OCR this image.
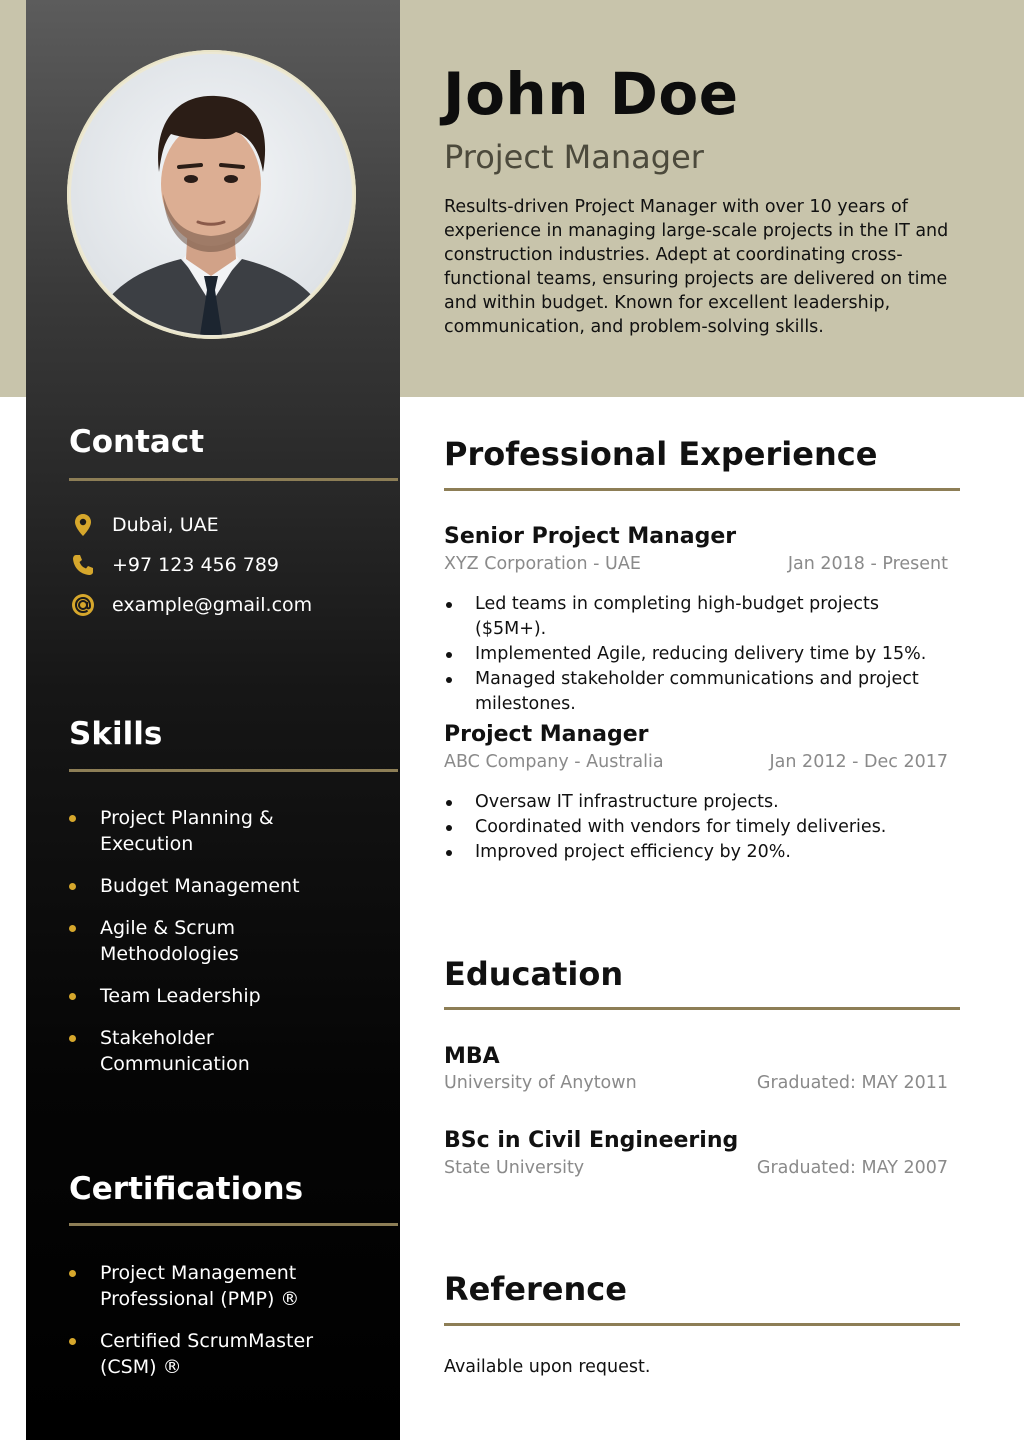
John Doe
Project Manager
Results-driven Project Manager with over 10 years of experience in managing large-scale projects in the IT and construction industries. Adept at coordinating cross-functional teams, ensuring projects are delivered on time and within budget. Known for excellent leadership, communication, and problem-solving skills.
Contact
Dubai, UAE
+97 123 456 789
example@gmail.com
Skills
Project Planning & Execution
Budget Management
Agile & Scrum Methodologies
Team Leadership
Stakeholder Communication
Certifications
Project Management Professional (PMP) ®
Certified ScrumMaster (CSM) ®
Professional Experience
Senior Project Manager
XYZ Corporation - UAE	Jan 2018 - Present
Led teams in completing high-budget projects ($5M+).
Implemented Agile, reducing delivery time by 15%.
Managed stakeholder communications and project milestones.
Project Manager
ABC Company - Australia	Jan 2012 - Dec 2017
Oversaw IT infrastructure projects.
Coordinated with vendors for timely deliveries.
Improved project efficiency by 20%.
Education
MBA
University of Anytown	Graduated: MAY 2011
BSc in Civil Engineering
State University	Graduated: MAY 2007
Reference
Available upon request.
